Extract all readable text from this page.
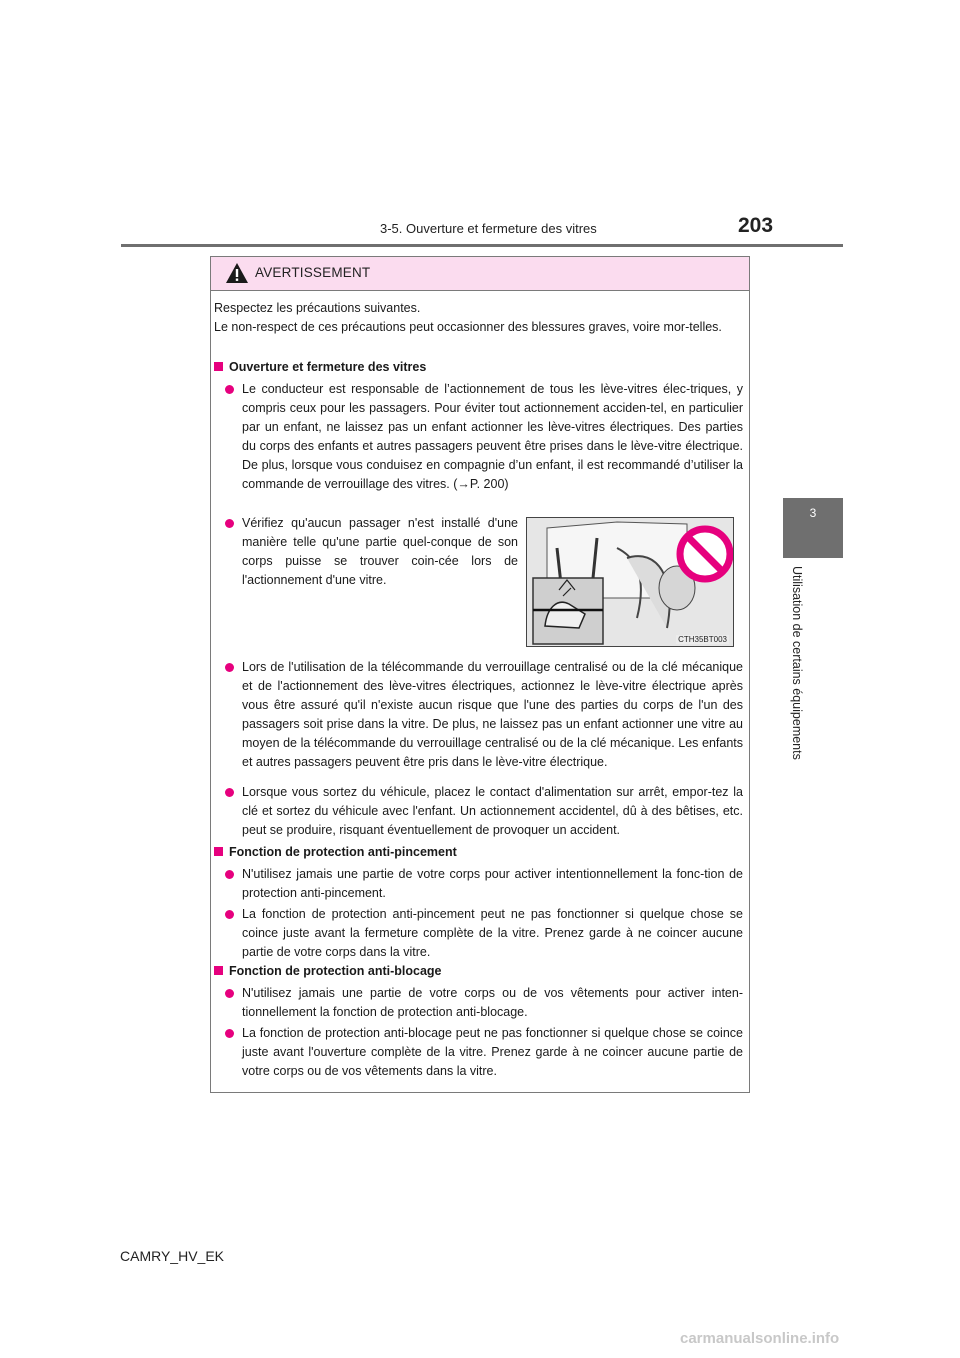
3-5. Ouverture et fermeture des vitres	203
3
Utilisation de certains équipements
AVERTISSEMENT
Respectez les précautions suivantes.
Le non-respect de ces précautions peut occasionner des blessures graves, voire mor-telles.
Ouverture et fermeture des vitres
Le conducteur est responsable de l’actionnement de tous les lève-vitres élec-triques, y compris ceux pour les passagers. Pour éviter tout actionnement acciden-tel, en particulier par un enfant, ne laissez pas un enfant actionner les lève-vitres électriques. Des parties du corps des enfants et autres passagers peuvent être prises dans le lève-vitre électrique. De plus, lorsque vous conduisez en compagnie d’un enfant, il est recommandé d’utiliser la commande de verrouillage des vitres. (→P. 200)
Vérifiez qu'aucun passager n'est installé d'une manière telle qu'une partie quel-conque de son corps puisse se trouver coin-cée lors de l'actionnement d'une vitre.
CTH35BT003
Lors de l'utilisation de la télécommande du verrouillage centralisé ou de la clé mécanique et de l'actionnement des lève-vitres électriques, actionnez le lève-vitre électrique après vous être assuré qu'il n'existe aucun risque que l'une des parties du corps de l'un des passagers soit prise dans la vitre. De plus, ne laissez pas un enfant actionner une vitre au moyen de la télécommande du verrouillage centralisé ou de la clé mécanique. Les enfants et autres passagers peuvent être pris dans le lève-vitre électrique.
Lorsque vous sortez du véhicule, placez le contact d'alimentation sur arrêt, empor-tez la clé et sortez du véhicule avec l'enfant. Un actionnement accidentel, dû à des bêtises, etc. peut se produire, risquant éventuellement de provoquer un accident.
Fonction de protection anti-pincement
N'utilisez jamais une partie de votre corps pour activer intentionnellement la fonc-tion de protection anti-pincement.
La fonction de protection anti-pincement peut ne pas fonctionner si quelque chose se coince juste avant la fermeture complète de la vitre. Prenez garde à ne coincer aucune partie de votre corps dans la vitre.
Fonction de protection anti-blocage
N'utilisez jamais une partie de votre corps ou de vos vêtements pour activer inten-tionnellement la fonction de protection anti-blocage.
La fonction de protection anti-blocage peut ne pas fonctionner si quelque chose se coince juste avant l'ouverture complète de la vitre. Prenez garde à ne coincer aucune partie de votre corps ou de vos vêtements dans la vitre.
CAMRY_HV_EK
carmanualsonline.info
